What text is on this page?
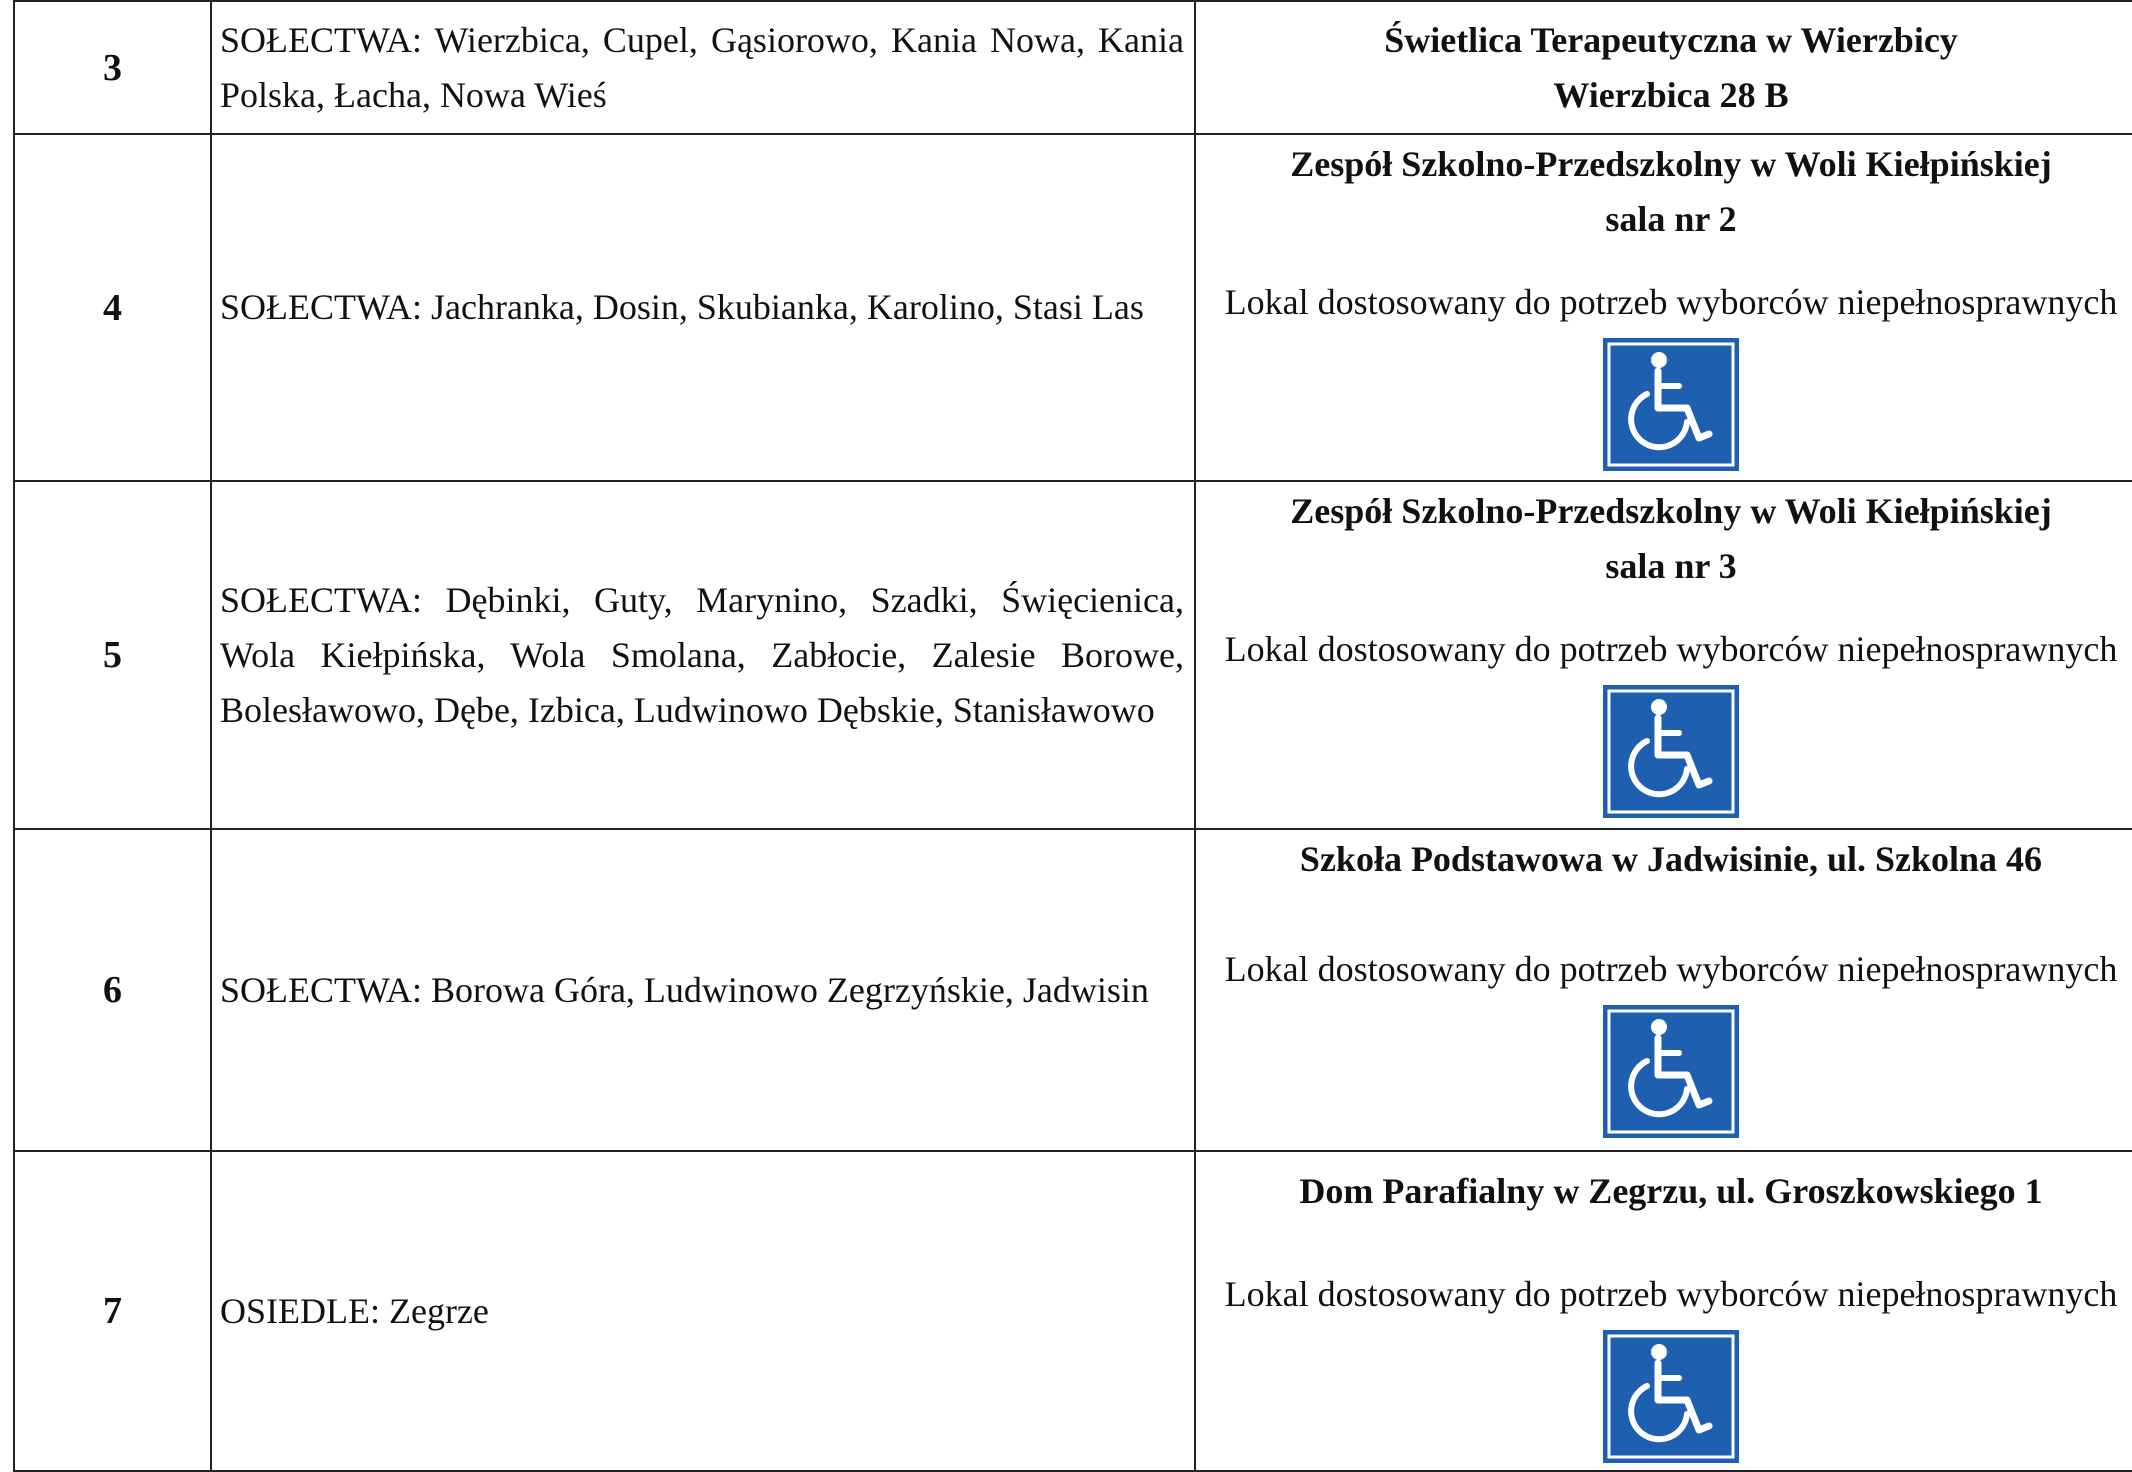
3	SOŁECTWA: Wierzbica, Cupel, Gąsiorowo, Kania Nowa, Kania Polska, Łacha, Nowa Wieś	Świetlica Terapeutyczna w Wierzbicy
Wierzbica 28 B

4	SOŁECTWA: Jachranka, Dosin, Skubianka, Karolino, Stasi Las	Zespół Szkolno-Przedszkolny w Woli Kiełpińskiej
sala nr 2
Lokal dostosowany do potrzeb wyborców niepełnosprawnych

5	SOŁECTWA: Dębinki, Guty, Marynino, Szadki, Święcienica, Wola Kiełpińska, Wola Smolana, Zabłocie, Zalesie Borowe, Bolesławowo, Dębe, Izbica, Ludwinowo Dębskie, Stanisławowo	Zespół Szkolno-Przedszkolny w Woli Kiełpińskiej
sala nr 3
Lokal dostosowany do potrzeb wyborców niepełnosprawnych

6	SOŁECTWA: Borowa Góra, Ludwinowo Zegrzyńskie, Jadwisin	Szkoła Podstawowa w Jadwisinie, ul. Szkolna 46
Lokal dostosowany do potrzeb wyborców niepełnosprawnych

7	OSIEDLE: Zegrze	Dom Parafialny w Zegrzu, ul. Groszkowskiego 1
Lokal dostosowany do potrzeb wyborców niepełnosprawnych
